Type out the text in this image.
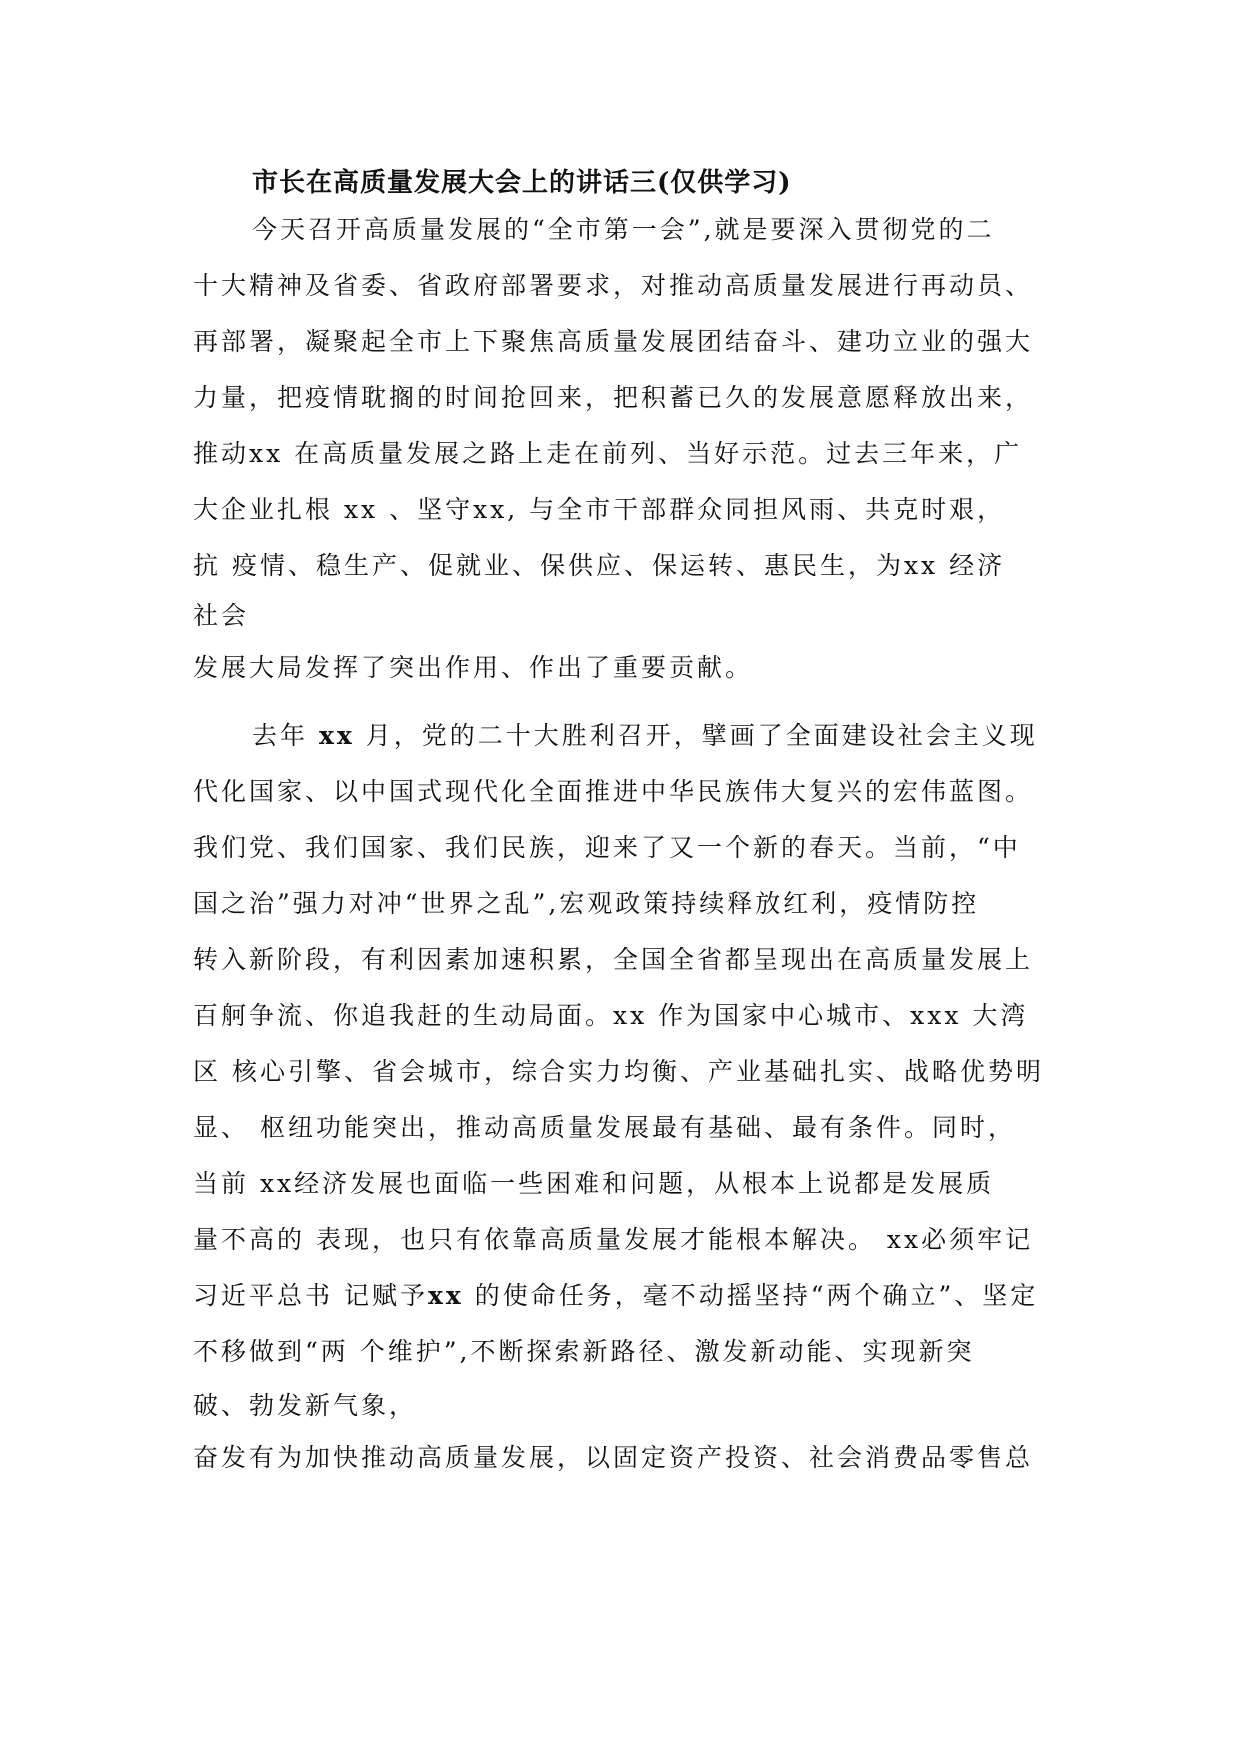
市长在高质量发展大会上的讲话三(仅供学习)

今天召开高质量发展的“全市第一会”,就是要深入贯彻党的二

十大精神及省委、省政府部署要求，对推动高质量发展进行再动员、

再部署，凝聚起全市上下聚焦高质量发展团结奋斗、建功立业的强大

力量，把疫情耽搁的时间抢回来，把积蓄已久的发展意愿释放出来，

推动xx 在高质量发展之路上走在前列、当好示范。过去三年来，广

大企业扎根 xx 、坚守xx, 与全市干部群众同担风雨、共克时艰，

抗 疫情、稳生产、促就业、保供应、保运转、惠民生，为xx 经济

社会

发展大局发挥了突出作用、作出了重要贡献。

去年 xx 月，党的二十大胜利召开，擘画了全面建设社会主义现

代化国家、以中国式现代化全面推进中华民族伟大复兴的宏伟蓝图。

我们党、我们国家、我们民族，迎来了又一个新的春天。当前，“中

国之治”强力对冲“世界之乱”,宏观政策持续释放红利，疫情防控

转入新阶段，有利因素加速积累，全国全省都呈现出在高质量发展上

百舸争流、你追我赶的生动局面。xx 作为国家中心城市、xxx 大湾

区 核心引擎、省会城市，综合实力均衡、产业基础扎实、战略优势明

显、 枢纽功能突出，推动高质量发展最有基础、最有条件。同时，

当前 xx经济发展也面临一些困难和问题，从根本上说都是发展质

量不高的 表现，也只有依靠高质量发展才能根本解决。 xx必须牢记

习近平总书 记赋予xx 的使命任务，毫不动摇坚持“两个确立”、坚定

不移做到“两 个维护”,不断探索新路径、激发新动能、实现新突

破、勃发新气象，

奋发有为加快推动高质量发展，以固定资产投资、社会消费品零售总
